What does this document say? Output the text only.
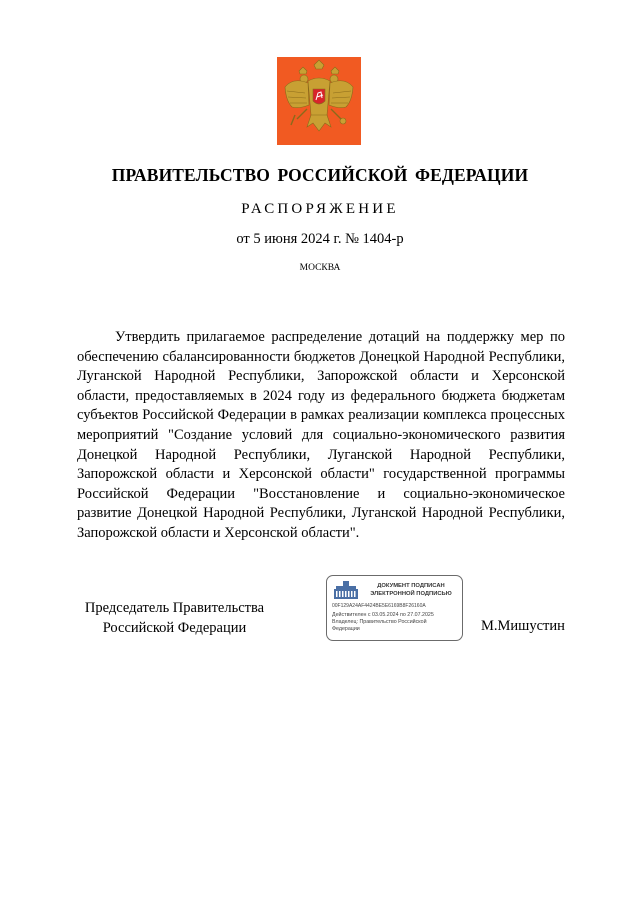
ПРАВИТЕЛЬСТВО РОССИЙСКОЙ ФЕДЕРАЦИИ
РАСПОРЯЖЕНИЕ
от 5 июня 2024 г. № 1404-р
МОСКВА

Утвердить прилагаемое распределение дотаций на поддержку мер по обеспечению сбалансированности бюджетов Донецкой Народной Республики, Луганской Народной Республики, Запорожской области и Херсонской области, предоставляемых в 2024 году из федерального бюджета бюджетам субъектов Российской Федерации в рамках реализации комплекса процессных мероприятий "Создание условий для социально-экономического развития Донецкой Народной Республики, Луганской Народной Республики, Запорожской области и Херсонской области" государственной программы Российской Федерации "Восстановление и социально-экономическое развитие Донецкой Народной Республики, Луганской Народной Республики, Запорожской области и Херсонской области".

Председатель Правительства
Российской Федерации
ДОКУМЕНТ ПОДПИСАН
ЭЛЕКТРОННОЙ ПОДПИСЬЮ
00F129A24AF4424BE5E6169B8F26160A
Действителен с 03.05.2024 по 27.07.2025
Владелец: Правительство Российской Федерации	М.Мишустин
